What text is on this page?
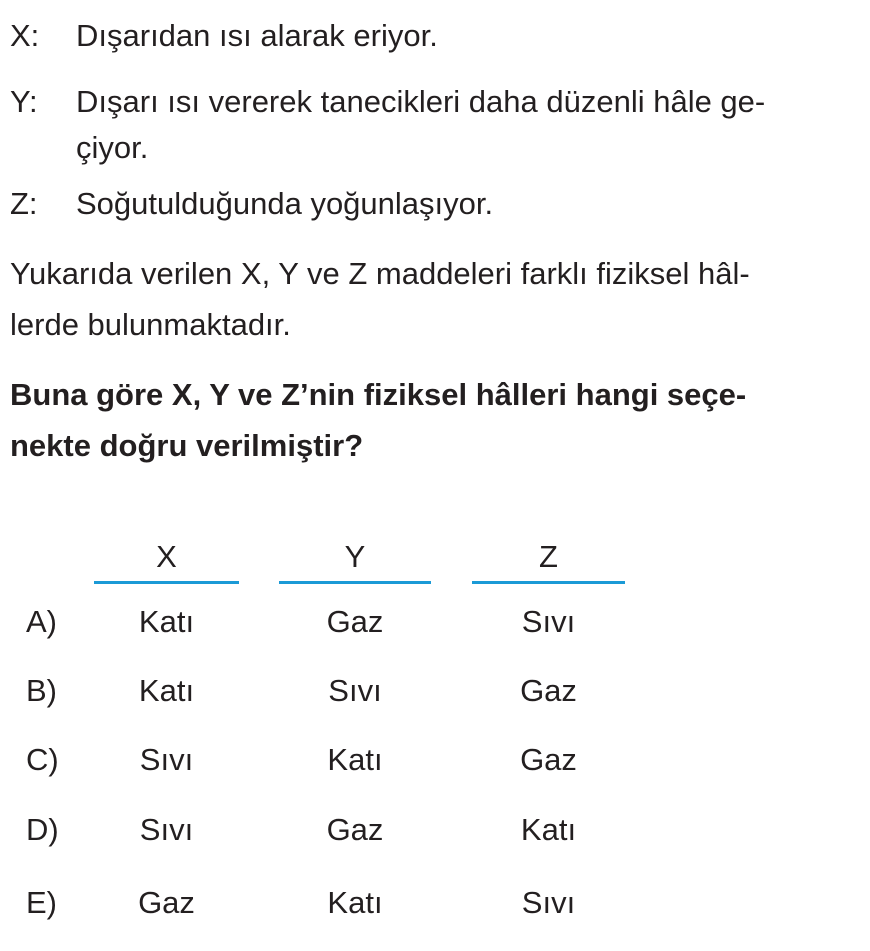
X: Dışarıdan ısı alarak eriyor.
Y: Dışarı ısı vererek tanecikleri daha düzenli hâle ge-
çiyor.
Z: Soğutulduğunda yoğunlaşıyor.
Yukarıda verilen X, Y ve Z maddeleri farklı fiziksel hâl-
lerde bulunmaktadır.
Buna göre X, Y ve Z’nin fiziksel hâlleri hangi seçe-
nekte doğru verilmiştir?
X	Y	Z
A)	Katı	Gaz	Sıvı
B)	Katı	Sıvı	Gaz
C)	Sıvı	Katı	Gaz
D)	Sıvı	Gaz	Katı
E)	Gaz	Katı	Sıvı
